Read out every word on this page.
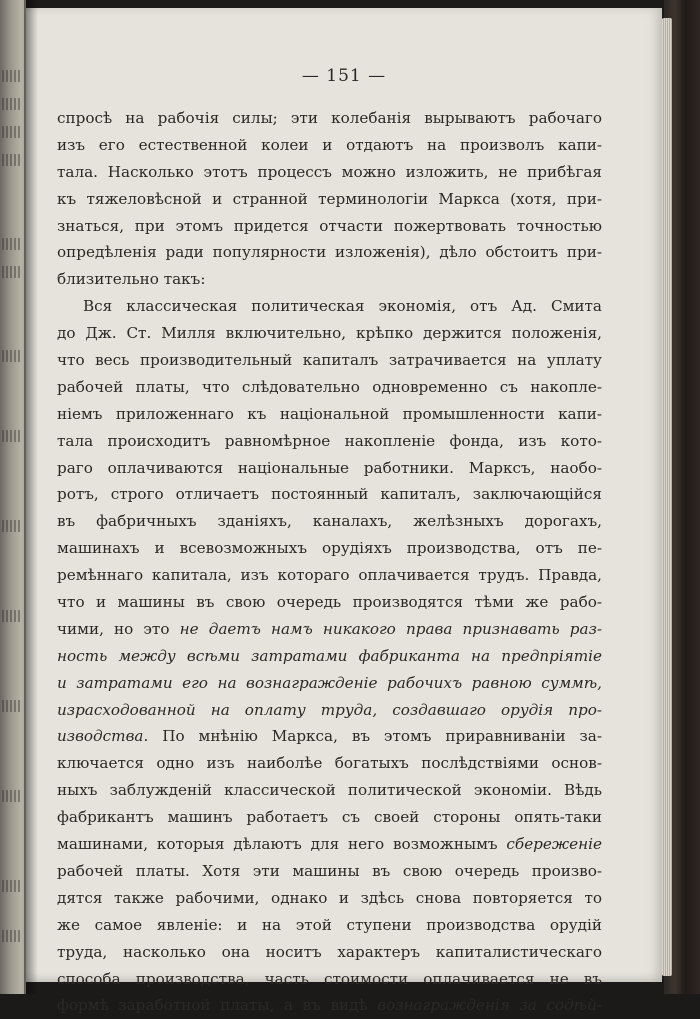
— 151 —
спросѣ на рабочія силы; эти колебанія вырываютъ рабочаго
изъ его естественной колеи и отдаютъ на произволъ капи-
тала. Насколько этотъ процессъ можно изложить, не прибѣгая
къ тяжеловѣсной и странной терминологіи Маркса (хотя, при-
знаться, при этомъ придется отчасти пожертвовать точностью
опредѣленія ради популярности изложенія), дѣло обстоитъ при-
близительно такъ:
Вся классическая политическая экономія, отъ Ад. Смита
до Дж. Ст. Милля включительно, крѣпко держится положенія,
что весь производительный капиталъ затрачивается на уплату
рабочей платы, что слѣдовательно одновременно съ накопле-
ніемъ приложеннаго къ національной промышленности капи-
тала происходитъ равномѣрное накопленіе фонда, изъ кото-
раго оплачиваются національные работники. Марксъ, наобо-
ротъ, строго отличаетъ постоянный капиталъ, заключающійся
въ фабричныхъ зданіяхъ, каналахъ, желѣзныхъ дорогахъ,
машинахъ и всевозможныхъ орудіяхъ производства, отъ пе-
ремѣннаго капитала, изъ котораго оплачивается трудъ. Правда,
что и машины въ свою очередь производятся тѣми же рабо-
чими, но это не даетъ намъ никакого права признавать раз-
ность между всѣми затратами фабриканта на предпріятіе
и затратами его на вознагражденіе рабочихъ равною суммѣ,
израсходованной на оплату труда, создавшаго орудія про-
изводства. По мнѣнію Маркса, въ этомъ приравниваніи за-
ключается одно изъ наиболѣе богатыхъ послѣдствіями основ-
ныхъ заблужденій классической политической экономіи. Вѣдь
фабрикантъ машинъ работаетъ съ своей стороны опять-таки
машинами, которыя дѣлаютъ для него возможнымъ сбереженіе
рабочей платы. Хотя эти машины въ свою очередь произво-
дятся также рабочими, однако и здѣсь снова повторяется то
же самое явленіе: и на этой ступени производства орудій
труда, насколько она носитъ характеръ капиталистическаго
способа производства, часть стоимости оплачивается не въ
формѣ заработной платы, а въ видѣ вознагражденія за содѣй-
